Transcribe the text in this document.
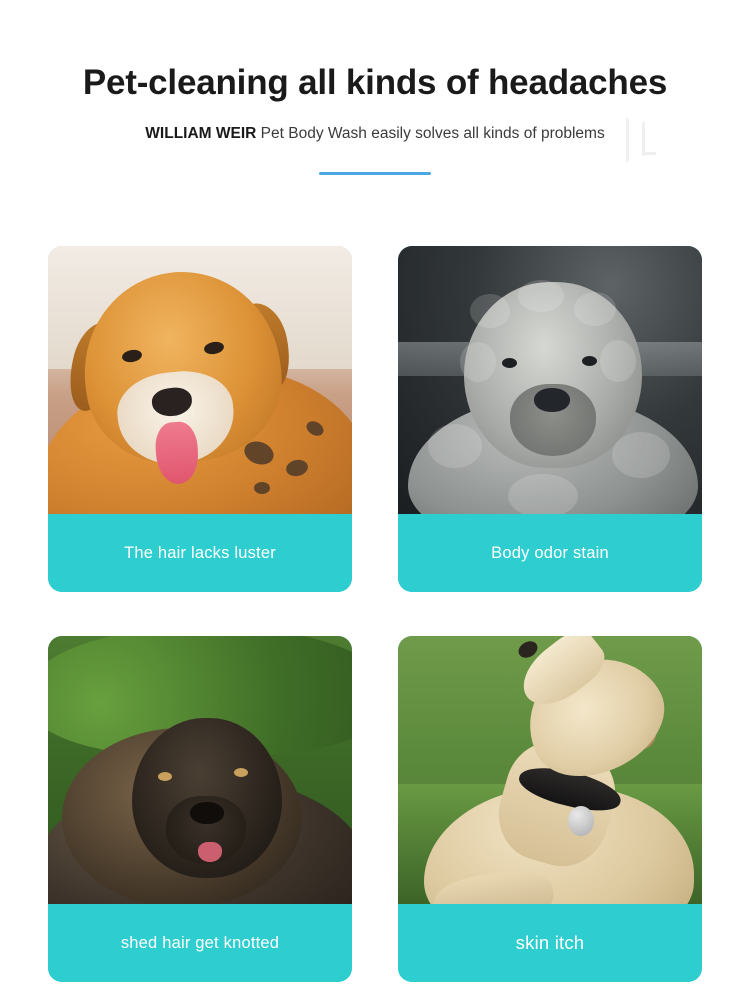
Pet-cleaning all kinds of headaches

WILLIAM WEIR Pet Body Wash easily solves all kinds of problems

The hair lacks luster	Body odor stain
shed hair get knotted	skin itch
